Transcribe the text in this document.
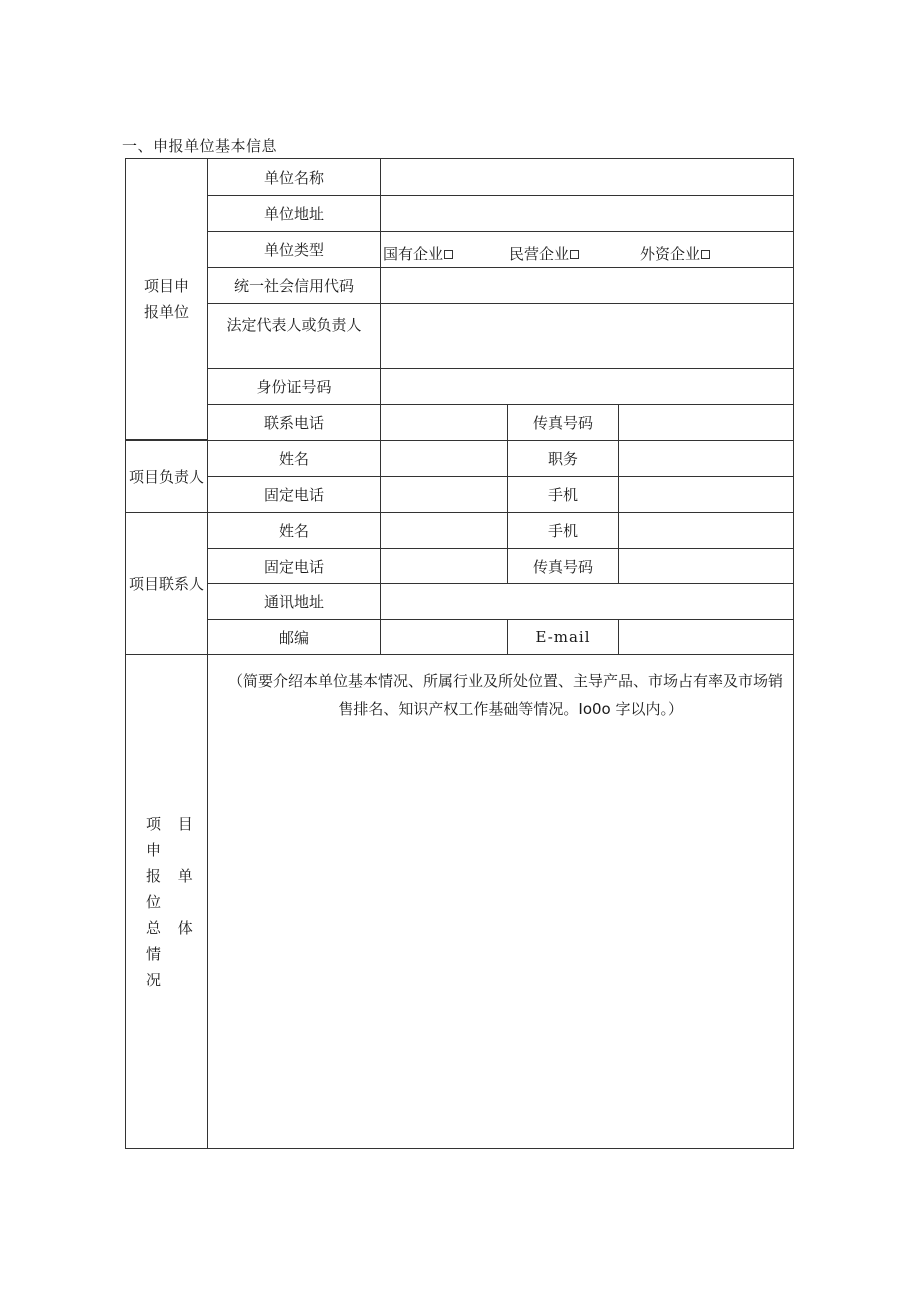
一、申报单位基本信息
项目申
报单位
单位名称
单位地址
单位类型	国有企业	民营企业	外资企业
统一社会信用代码
法定代表人或负责人
身份证号码
联系电话	传真号码
项目负责人
姓名	职务
固定电话	手机
项目联系人
姓名	手机
固定电话	传真号码
通讯地址
邮编	E-mail
项 目 申
报 单 位
总 体 情
况

（简要介绍本单位基本情况、所属行业及所处位置、主导产品、市场占有率及市场销

售排名、知识产权工作基础等情况。Io0o 字以内。）
